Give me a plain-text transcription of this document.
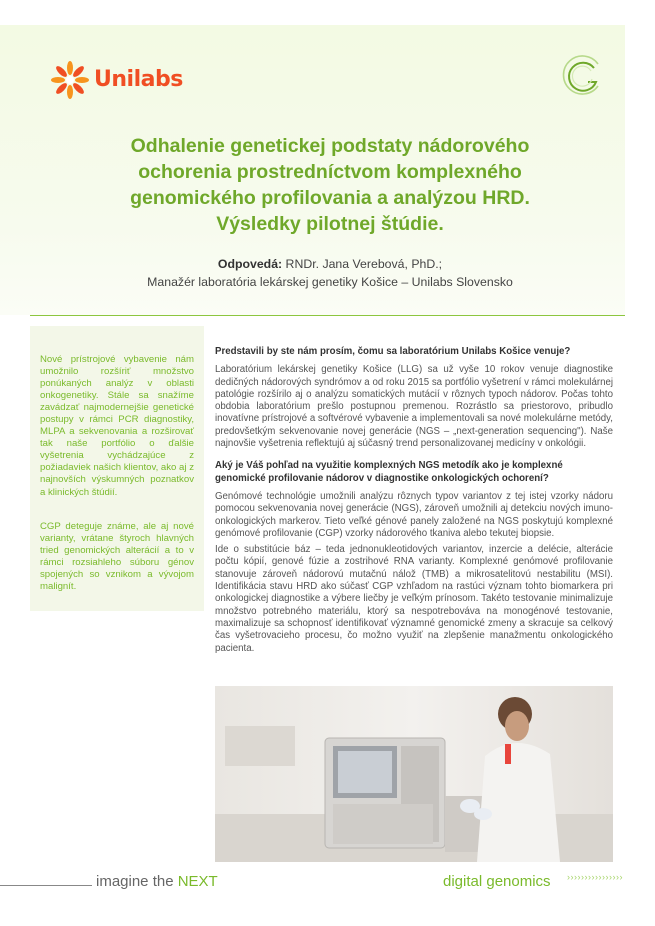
Unilabs
Odhalenie genetickej podstaty nádorového
ochorenia prostredníctvom komplexného
genomického profilovania a analýzou HRD.
Výsledky pilotnej štúdie.
Odpovedá: RNDr. Jana Verebová, PhD.;
Manažér laboratória lekárskej genetiky Košice – Unilabs Slovensko

Nové prístrojové vybavenie nám umožnilo rozšíriť množstvo ponúkaných analýz v oblasti onkogenetiky. Stále sa snažíme zavádzať najmodernejšie genetické postupy v rámci PCR diagnostiky, MLPA a sekvenovania a rozširovať tak naše portfólio o ďalšie vyšetrenia vychádzajúce z požiadaviek našich klientov, ako aj z najnovších výskumných poznatkov a klinických štúdií.

CGP deteguje známe, ale aj nové varianty, vrátane štyroch hlavných tried genomických alterácií a to v rámci rozsiahleho súboru génov spojených so vznikom a vývojom malignít.

Predstavili by ste nám prosím, čomu sa laboratórium Unilabs Košice venuje?

Laboratórium lekárskej genetiky Košice (LLG) sa už vyše 10 rokov venuje diagnostike dedičných nádorových syndrómov a od roku 2015 sa portfólio vyšetrení v rámci molekulárnej patológie rozšírilo aj o analýzu somatických mutácií v rôznych typoch nádorov. Počas tohto obdobia laboratórium prešlo postupnou premenou. Rozrástlo sa priestorovo, pribudlo inovatívne prístrojové a softvérové vybavenie a implementovali sa nové molekulárne metódy, predovšetkým sekvenovanie novej generácie (NGS – „next-generation sequencing"). Naše najnovšie vyšetrenia reflektujú aj súčasný trend personalizovanej medicíny v onkológii.

Aký je Váš pohľad na využitie komplexných NGS metodík ako je komplexné genomické profilovanie nádorov v diagnostike onkologických ochorení?

Genómové technológie umožnili analýzu rôznych typov variantov z tej istej vzorky nádoru pomocou sekvenovania novej generácie (NGS), zároveň umožnili aj detekciu nových imuno-onkologických markerov. Tieto veľké génové panely založené na NGS poskytujú komplexné genómové profilovanie (CGP) vzorky nádorového tkaniva alebo tekutej biopsie.

Ide o substitúcie báz – teda jednonukleotidových variantov, inzercie a delécie, alterácie počtu kópií, genové fúzie a zostrihové RNA varianty. Komplexné genómové profilovanie stanovuje zároveň nádorovú mutačnú nálož (TMB) a mikrosatelitovú nestabilitu (MSI). Identifikácia stavu HRD ako súčasť CGP vzhľadom na rastúci význam tohto biomarkera pri onkologickej diagnostike a výbere liečby je veľkým prínosom. Takéto testovanie minimalizuje množstvo potrebného materiálu, ktorý sa nespotrebováva na monogénové testovanie, maximalizuje sa schopnosť identifikovať významné genomické zmeny a skracuje sa celkový čas vyšetrovacieho procesu, čo možno využiť na zlepšenie manažmentu onkologického pacienta.

imagine the NEXT	digital genomics ››››››››››››››››
